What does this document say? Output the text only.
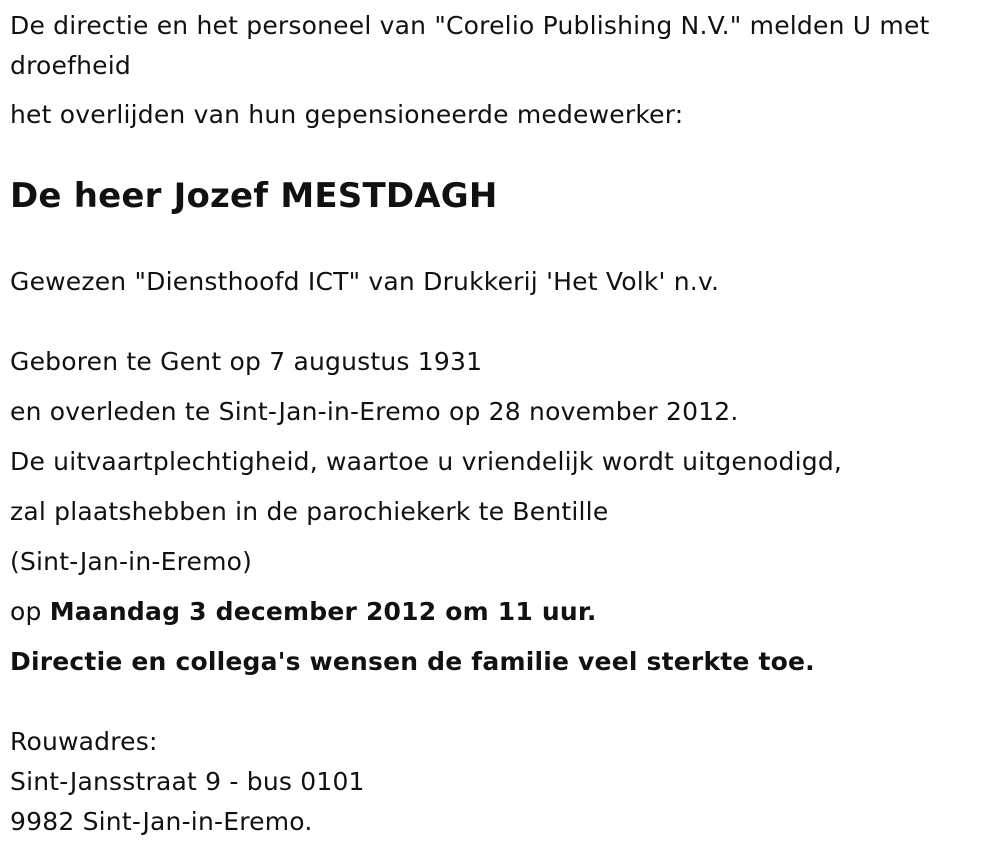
De directie en het personeel van "Corelio Publishing N.V." melden U met droefheid
het overlijden van hun gepensioneerde medewerker:
De heer Jozef MESTDAGH
Gewezen "Diensthoofd ICT" van Drukkerij 'Het Volk' n.v.
Geboren te Gent op 7 augustus 1931
en overleden te Sint-Jan-in-Eremo op 28 november 2012.
De uitvaartplechtigheid, waartoe u vriendelijk wordt uitgenodigd,
zal plaatshebben in de parochiekerk te Bentille
(Sint-Jan-in-Eremo)
op Maandag 3 december 2012 om 11 uur.
Directie en collega's wensen de familie veel sterkte toe.
Rouwadres:
Sint-Jansstraat 9 - bus 0101
9982 Sint-Jan-in-Eremo.
